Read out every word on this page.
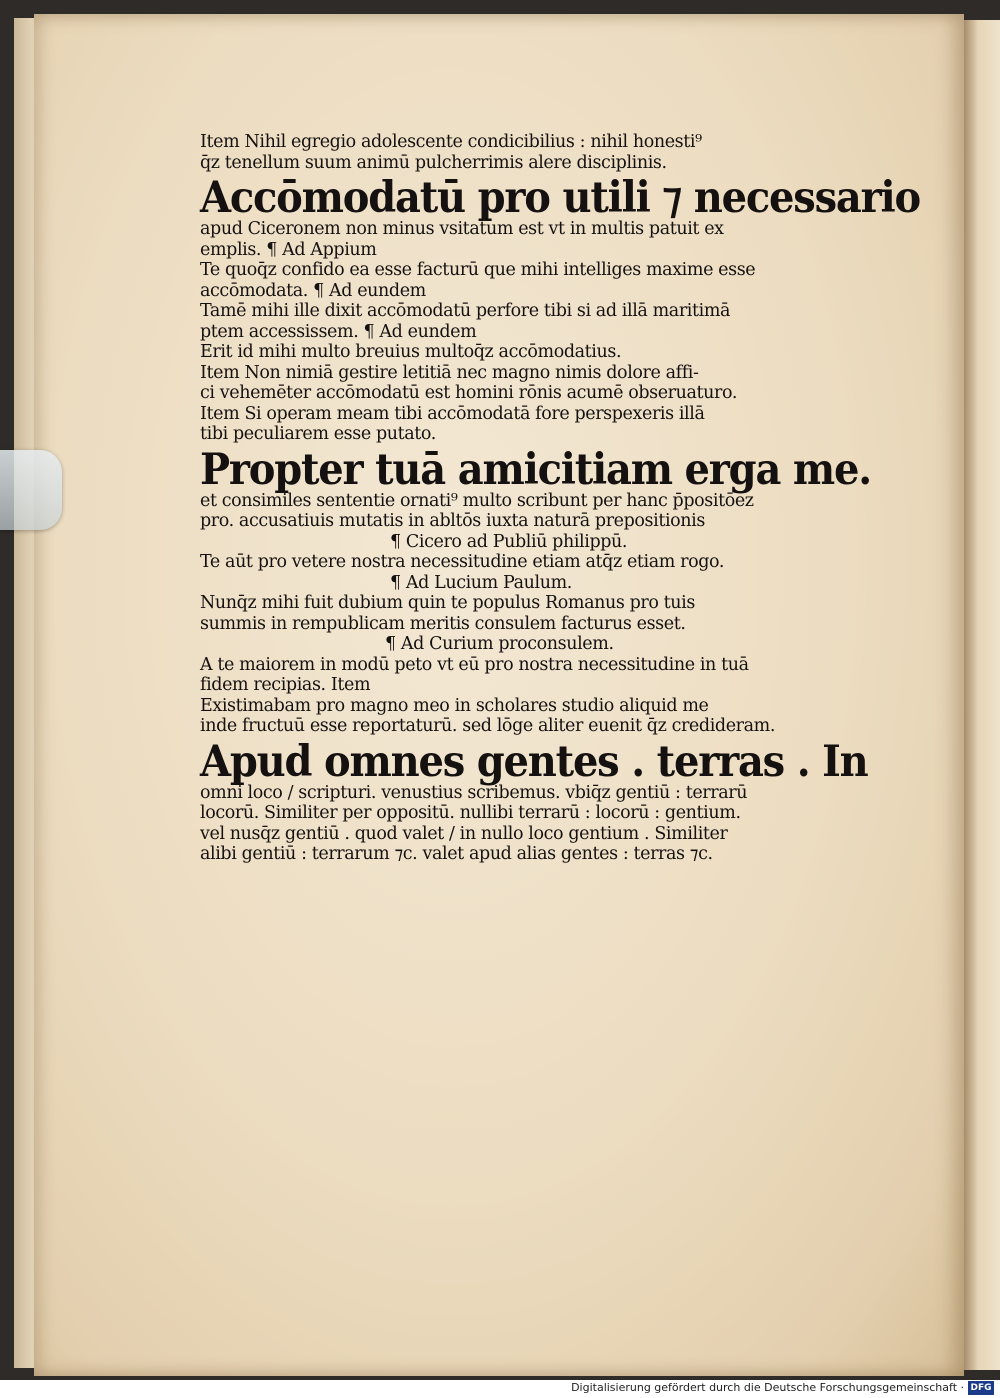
Item Nihil egregio adolescente condicibilius : nihil honesti⁹
q̄z tenellum suum animū pulcherrimis alere disciplinis.
Accōmodatū pro utili ⁊ necessario
apud Ciceronem non minus vsitatum est vt in multis patuit ex
emplis. ¶ Ad Appium
Te quoq̄z confido ea esse facturū que mihi intelliges maxime esse
accōmodata. ¶ Ad eundem
Tamē mihi ille dixit accōmodatū perfore tibi si ad illā maritimā
ptem accessissem. ¶ Ad eundem
Erit id mihi multo breuius multoq̄z accōmodatius.
Item Non nimiā gestire letitiā nec magno nimis dolore affi-
ci vehemēter accōmodatū est homini rōnis acumē obseruaturo.
Item Si operam meam tibi accōmodatā fore perspexeris illā
tibi peculiarem esse putato.
Propter tuā amicitiam erga me.
et consimiles sententie ornati⁹ multo scribunt per hanc p̄positōez
pro. accusatiuis mutatis in abltōs iuxta naturā prepositionis
¶ Cicero ad Publiū philippū.
Te aūt pro vetere nostra necessitudine etiam atq̄z etiam rogo.
¶ Ad Lucium Paulum.
Nunq̄z mihi fuit dubium quin te populus Romanus pro tuis
summis in rempublicam meritis consulem facturus esset.
¶ Ad Curium proconsulem.
A te maiorem in modū peto vt eū pro nostra necessitudine in tuā
fidem recipias. Item
Existimabam pro magno meo in scholares studio aliquid me
inde fructuū esse reportaturū. sed lōge aliter euenit q̄z credideram.
Apud omnes gentes . terras . In
omni loco / scripturi. venustius scribemus. vbiq̄z gentiū : terrarū
locorū. Similiter per oppositū. nullibi terrarū : locorū : gentium.
vel nusq̄z gentiū . quod valet / in nullo loco gentium . Similiter
alibi gentiū : terrarum ⁊c. valet apud alias gentes : terras ⁊c.
Digitalisierung gefördert durch die Deutsche Forschungsgemeinschaft · DFG
